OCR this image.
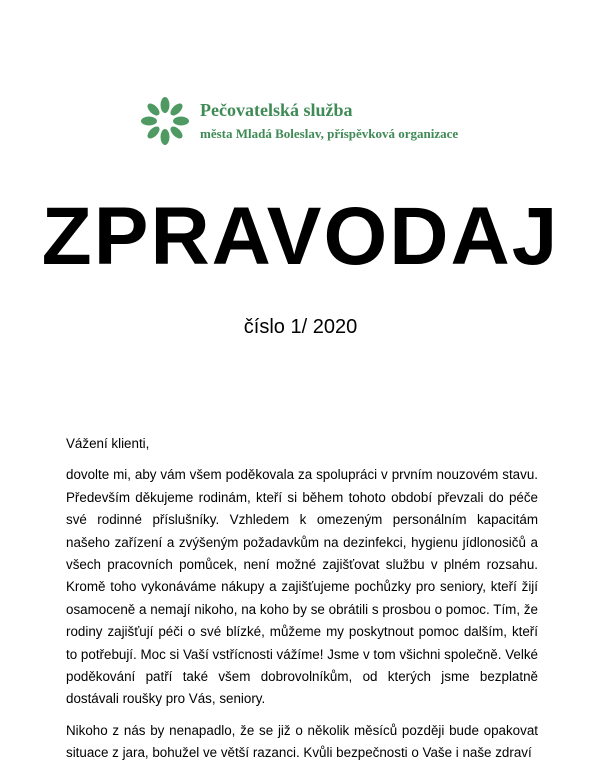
Pečovatelská služba
města Mladá Boleslav, příspěvková organizace
ZPRAVODAJ
číslo 1/ 2020

Vážení klienti,

dovolte mi, aby vám všem poděkovala za spolupráci v prvním nouzovém stavu. Především děkujeme rodinám, kteří si během tohoto období převzali do péče své rodinné příslušníky. Vzhledem k omezeným personálním kapacitám našeho zařízení a zvýšeným požadavkům na dezinfekci, hygienu jídlonosičů a všech pracovních pomůcek, není možné zajišťovat službu v plném rozsahu. Kromě toho vykonáváme nákupy a zajišťujeme pochůzky pro seniory, kteří žijí osamoceně a nemají nikoho, na koho by se obrátili s prosbou o pomoc. Tím, že rodiny zajišťují péči o své blízké, můžeme my poskytnout pomoc dalším, kteří to potřebují. Moc si Vaší vstřícnosti vážíme! Jsme v tom všichni společně. Velké poděkování patří také všem dobrovolníkům, od kterých jsme bezplatně dostávali roušky pro Vás, seniory.

Nikoho z nás by nenapadlo, že se již o několik měsíců později bude opakovat situace z jara, bohužel ve větší razanci. Kvůli bezpečnosti o Vaše i naše zdraví
